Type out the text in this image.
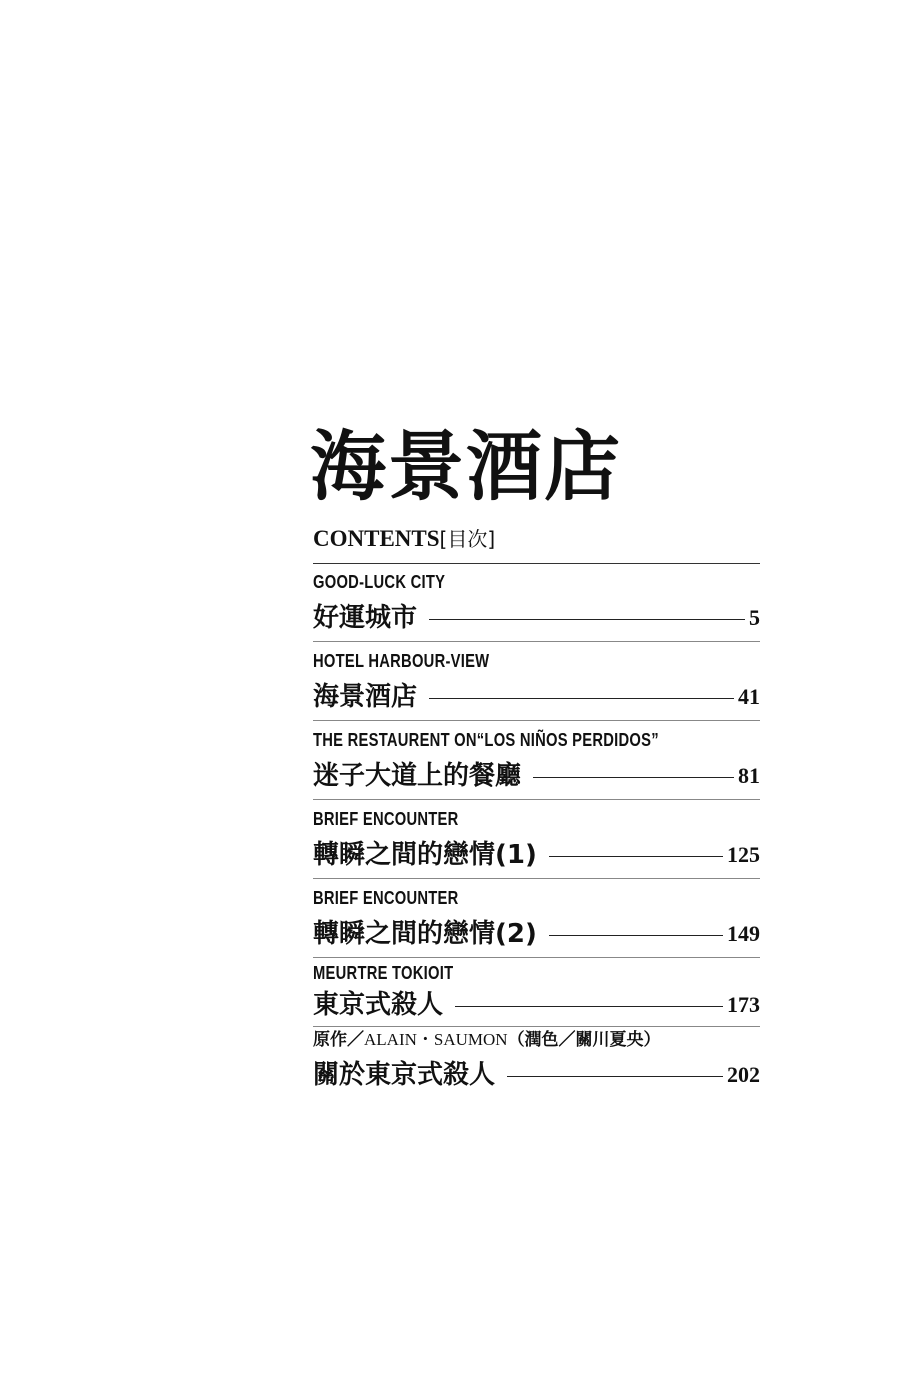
海景酒店
CONTENTS[目次]
GOOD-LUCK CITY
好運城市	5
HOTEL HARBOUR-VIEW
海景酒店	41
THE RESTAURENT ON“LOS NIÑOS PERDIDOS”
迷子大道上的餐廳	81
BRIEF ENCOUNTER
轉瞬之間的戀情(1)	125
BRIEF ENCOUNTER
轉瞬之間的戀情(2)	149
MEURTRE TOKIOIT
東京式殺人	173
原作／ALAIN・SAUMON（潤色／關川夏央）
關於東京式殺人	202
